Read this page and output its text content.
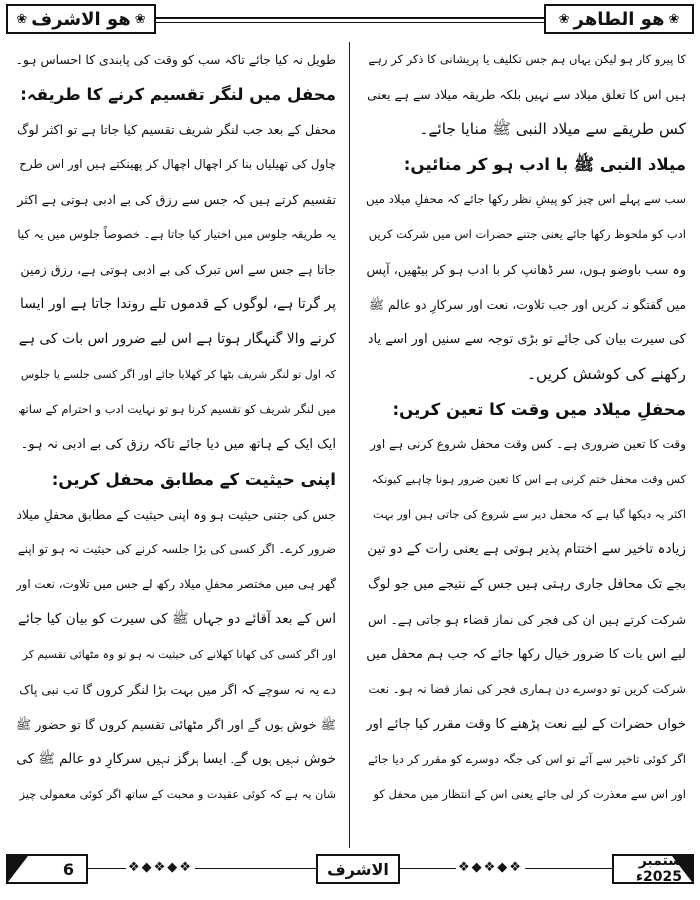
❀
ھو الطاھر
❀
❀
ھو الاشرف
❀
کا پیرو کار ہو لیکن یہاں ہم جس تکلیف یا پریشانی کا ذکر کر رہے
ہیں اس کا تعلق میلاد سے نہیں بلکہ طریقہ میلاد سے ہے یعنی
کس طریقے سے میلاد النبی ﷺ منایا جائے۔
میلاد النبی ﷺ با ادب ہو کر منائیں:
سب سے پہلے اس چیز کو پیشِ نظر رکھا جائے کہ محفلِ میلاد میں
ادب کو ملحوظ رکھا جائے یعنی جتنے حضرات اس میں شرکت کریں
وہ سب باوضو ہوں، سر ڈھانپ کر با ادب ہو کر بیٹھیں، آپس
میں گفتگو نہ کریں اور جب تلاوت، نعت اور سرکارِ دو عالم ﷺ
کی سیرت بیان کی جائے تو بڑی توجہ سے سنیں اور اسے یاد
رکھنے کی کوشش کریں۔
محفلِ میلاد میں وقت کا تعین کریں:
وقت کا تعین ضروری ہے۔ کس وقت محفل شروع کرنی ہے اور
کس وقت محفل ختم کرنی ہے اس کا تعین ضرور ہونا چاہیے کیونکہ
اکثر یہ دیکھا گیا ہے کہ محفل دیر سے شروع کی جاتی ہیں اور بہت
زیادہ تاخیر سے اختتام پذیر ہوتی ہے یعنی رات کے دو تین
بجے تک محافل جاری رہتی ہیں جس کے نتیجے میں جو لوگ
شرکت کرتے ہیں ان کی فجر کی نماز قضاء ہو جاتی ہے۔ اس
لیے اس بات کا ضرور خیال رکھا جائے کہ جب ہم محفل میں
شرکت کریں تو دوسرے دن ہماری فجر کی نماز قضا نہ ہو۔ نعت
خواں حضرات کے لیے نعت پڑھنے کا وقت مقرر کیا جائے اور
اگر کوئی تاخیر سے آئے تو اس کی جگہ دوسرے کو مقرر کر دیا جائے
اور اس سے معذرت کر لی جائے یعنی اس کے انتظار میں محفل کو
طویل نہ کیا جائے تاکہ سب کو وقت کی پابندی کا احساس ہو۔
محفل میں لنگر تقسیم کرنے کا طریقہ:
محفل کے بعد جب لنگر شریف تقسیم کیا جاتا ہے تو اکثر لوگ
چاول کی تھیلیاں بنا کر اچھال اچھال کر پھینکتے ہیں اور اس طرح
تقسیم کرتے ہیں کہ جس سے رزق کی بے ادبی ہوتی ہے اکثر
یہ طریقہ جلوس میں اختیار کیا جاتا ہے۔ خصوصاً جلوس میں یہ کیا
جاتا ہے جس سے اس تبرک کی بے ادبی ہوتی ہے، رزق زمین
پر گرتا ہے، لوگوں کے قدموں تلے روندا جاتا ہے اور ایسا
کرنے والا گنہگار ہوتا ہے اس لیے ضرور اس بات کی ہے
کہ اول تو لنگر شریف بٹھا کر کھلایا جائے اور اگر کسی جلسے یا جلوس
میں لنگر شریف کو تقسیم کرنا ہو تو نہایت ادب و احترام کے ساتھ
ایک ایک کے ہاتھ میں دیا جائے تاکہ رزق کی بے ادبی نہ ہو۔
اپنی حیثیت کے مطابق محفل کریں:
جس کی جتنی حیثیت ہو وہ اپنی حیثیت کے مطابق محفلِ میلاد
ضرور کرے۔ اگر کسی کی بڑا جلسہ کرنے کی حیثیت نہ ہو تو اپنے
گھر ہی میں مختصر محفلِ میلاد رکھ لے جس میں تلاوت، نعت اور
اس کے بعد آقائے دو جہاں ﷺ کی سیرت کو بیان کیا جائے
اور اگر کسی کی کھانا کھلانے کی حیثیت نہ ہو تو وہ مٹھائی تقسیم کر
دے یہ نہ سوچے کہ اگر میں بہت بڑا لنگر کروں گا تب نبی پاک
ﷺ خوش ہوں گے اور اگر مٹھائی تقسیم کروں گا تو حضور ﷺ
خوش نہیں ہوں گے۔ ایسا ہرگز نہیں سرکارِ دو عالم ﷺ کی
شان یہ ہے کہ کوئی عقیدت و محبت کے ساتھ اگر کوئی معمولی چیز
❖◆❖◆❖	❖◆❖◆❖
6	الاشرف	ستمبر 2025ء
